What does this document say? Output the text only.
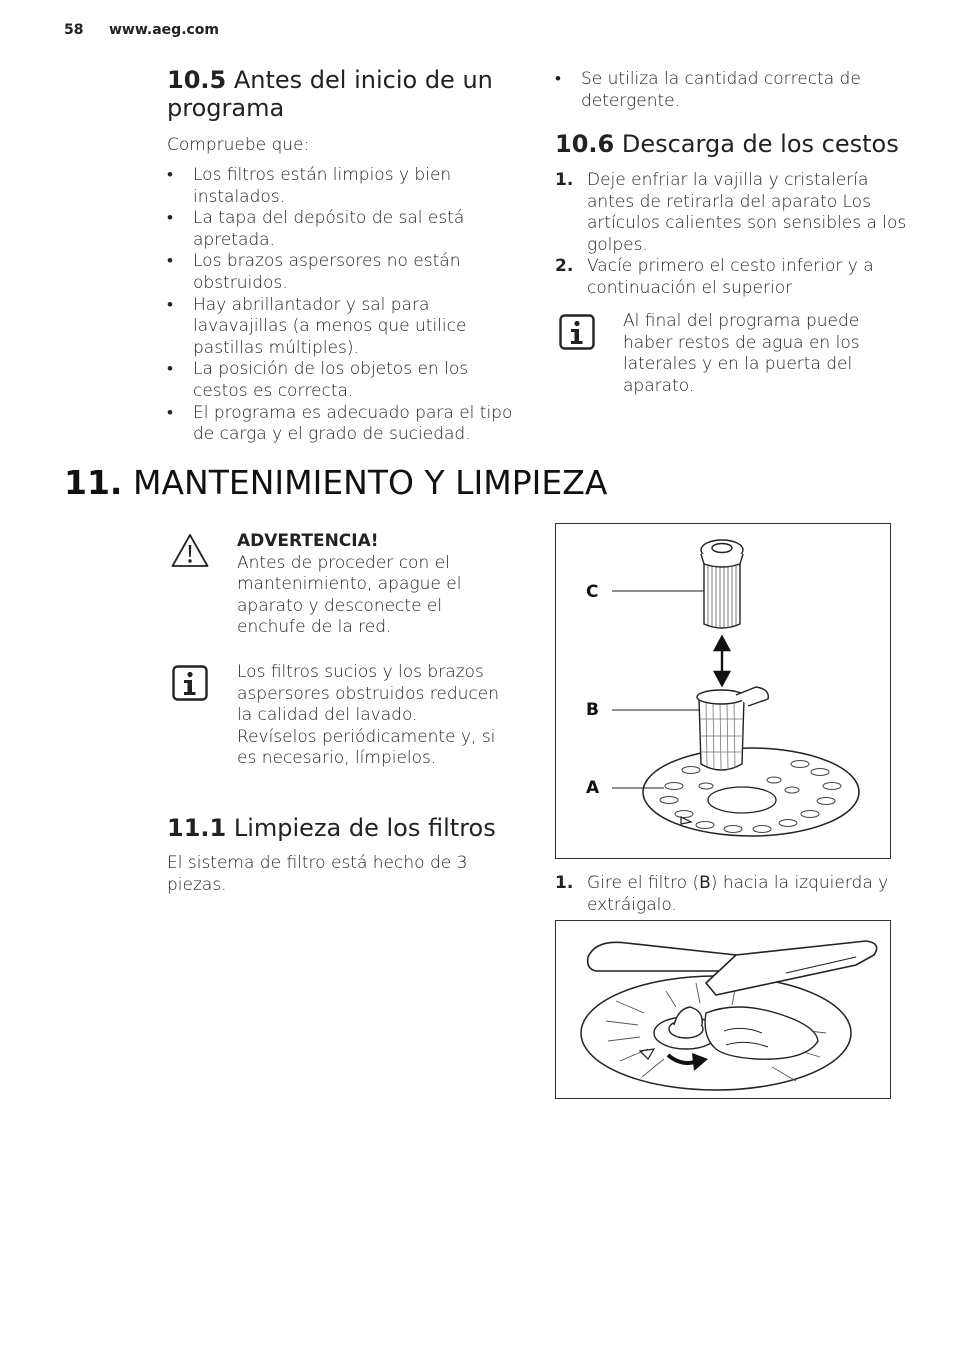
58 www.aeg.com
10.5 Antes del inicio de un programa
Compruebe que:
• Los filtros están limpios y bien instalados.
• La tapa del depósito de sal está apretada.
• Los brazos aspersores no están obstruidos.
• Hay abrillantador y sal para lavavajillas (a menos que utilice pastillas múltiples).
• La posición de los objetos en los cestos es correcta.
• El programa es adecuado para el tipo de carga y el grado de suciedad.
• Se utiliza la cantidad correcta de detergente.
10.6 Descarga de los cestos
1. Deje enfriar la vajilla y cristalería antes de retirarla del aparato Los artículos calientes son sensibles a los golpes.
2. Vacíe primero el cesto inferior y a continuación el superior
Al final del programa puede haber restos de agua en los laterales y en la puerta del aparato.
11. MANTENIMIENTO Y LIMPIEZA
ADVERTENCIA!
Antes de proceder con el mantenimiento, apague el aparato y desconecte el enchufe de la red.
Los filtros sucios y los brazos aspersores obstruidos reducen la calidad del lavado. Revíselos periódicamente y, si es necesario, límpielos.
11.1 Limpieza de los filtros
El sistema de filtro está hecho de 3 piezas.
C
B
A
1. Gire el filtro (B) hacia la izquierda y extráigalo.
